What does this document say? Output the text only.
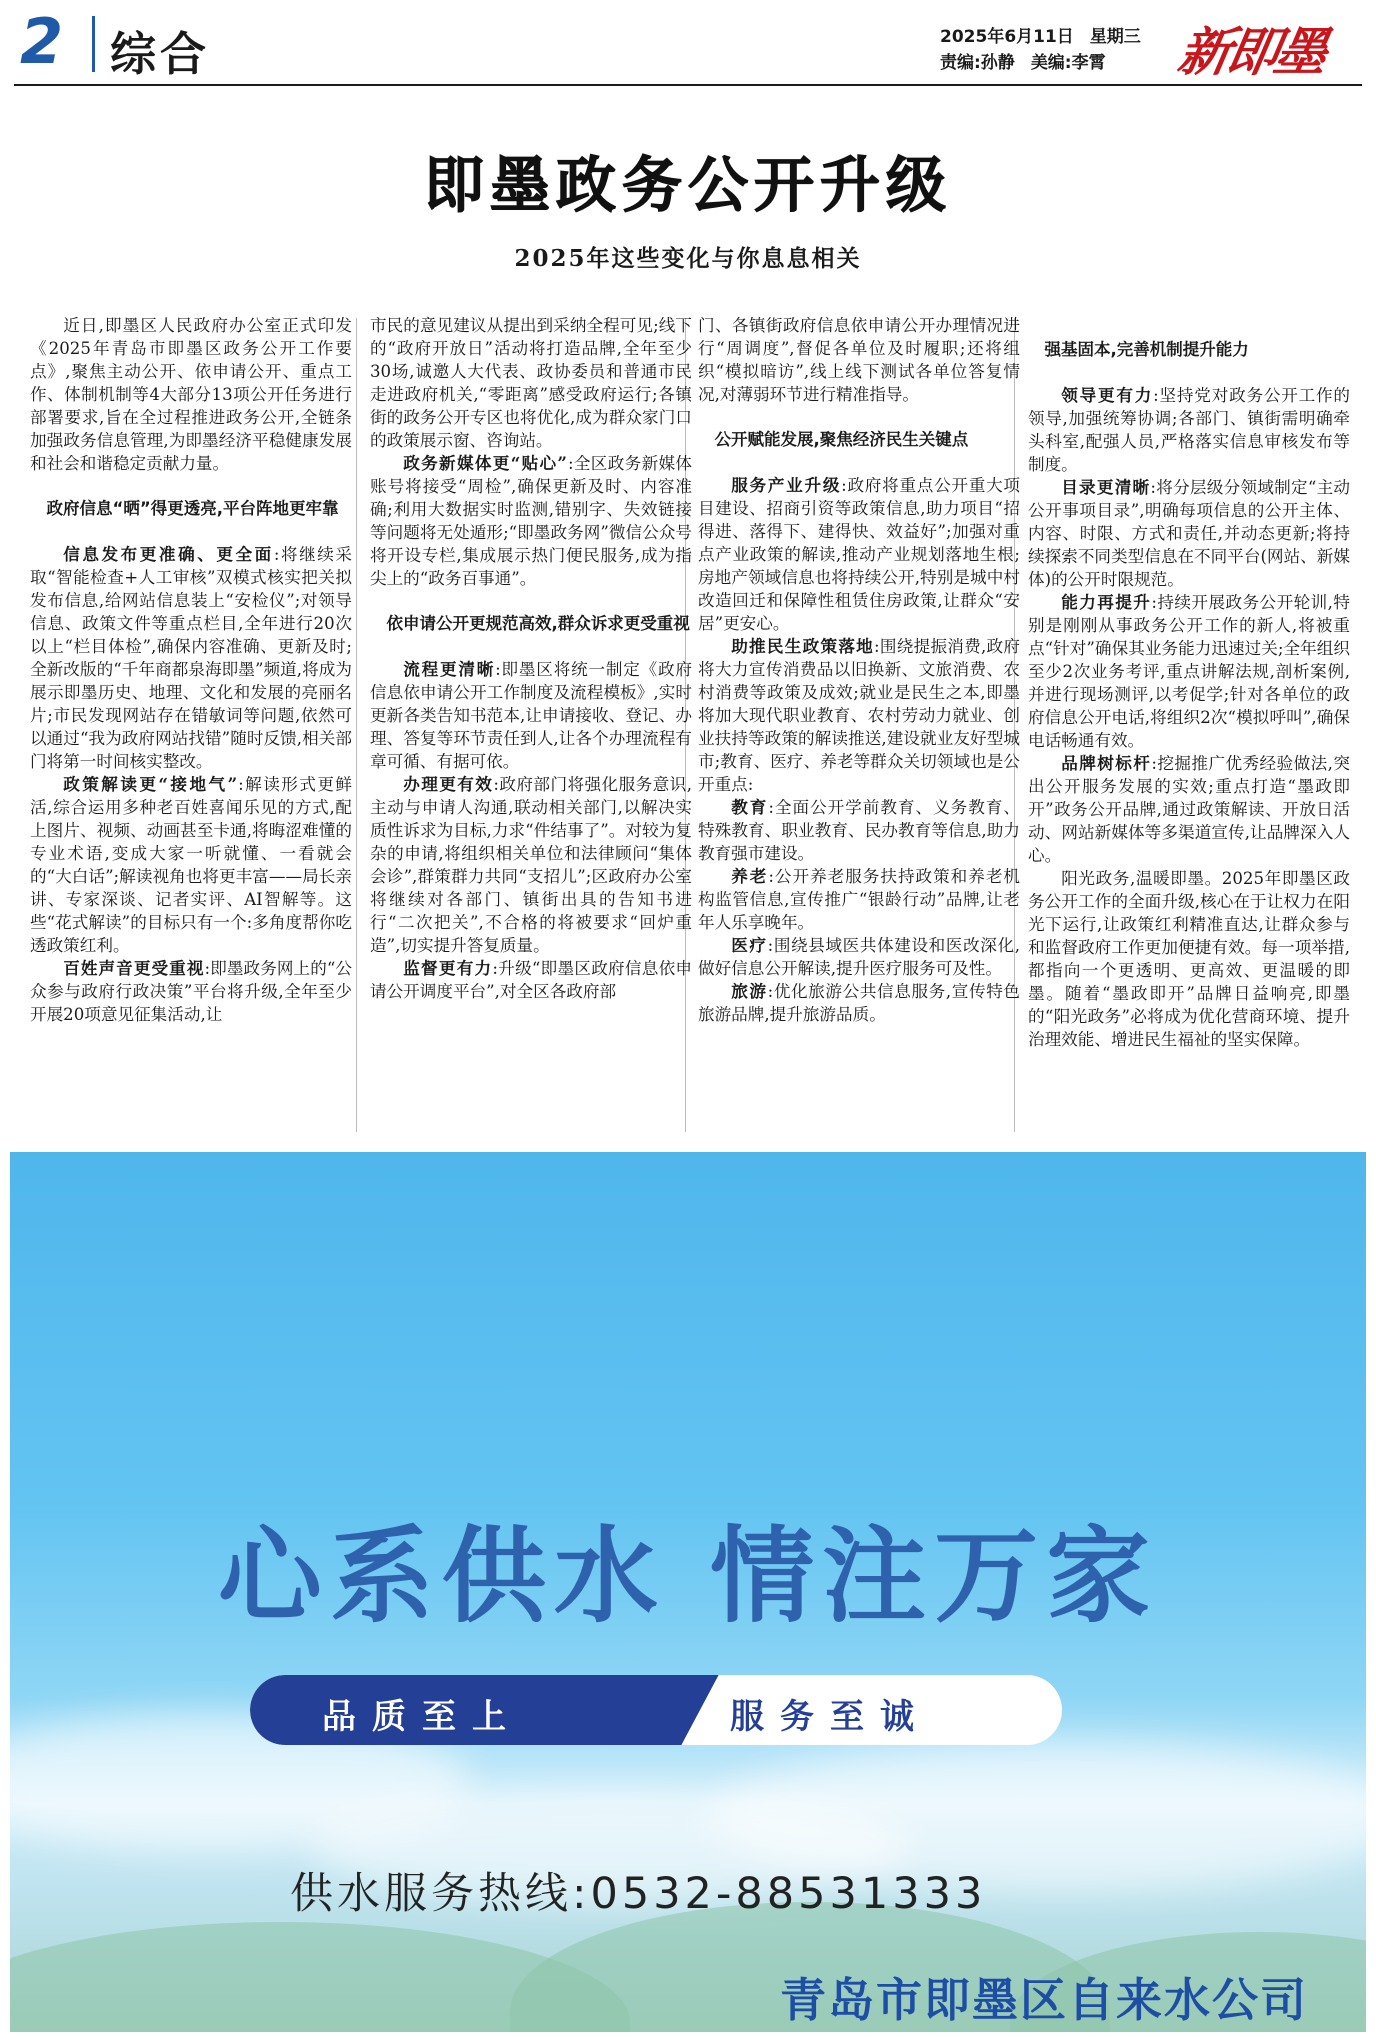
2 综合	2025年6月11日 星期三
责编:孙静 美编:李霄	新即墨
即墨政务公开升级
2025年这些变化与你息息相关

近日,即墨区人民政府办公室正式印发《2025年青岛市即墨区政务公开工作要点》,聚焦主动公开、依申请公开、重点工作、体制机制等4大部分13项公开任务进行部署要求,旨在全过程推进政务公开,全链条加强政务信息管理,为即墨经济平稳健康发展和社会和谐稳定贡献力量。

政府信息“晒”得更透亮,平台阵地更牢靠

信息发布更准确、更全面:将继续采取“智能检查+人工审核”双模式核实把关拟发布信息,给网站信息装上“安检仪”;对领导信息、政策文件等重点栏目,全年进行20次以上“栏目体检”,确保内容准确、更新及时;全新改版的“千年商都泉海即墨”频道,将成为展示即墨历史、地理、文化和发展的亮丽名片;市民发现网站存在错敏词等问题,依然可以通过“我为政府网站找错”随时反馈,相关部门将第一时间核实整改。

政策解读更“接地气”:解读形式更鲜活,综合运用多种老百姓喜闻乐见的方式,配上图片、视频、动画甚至卡通,将晦涩难懂的专业术语,变成大家一听就懂、一看就会的“大白话”;解读视角也将更丰富——局长亲讲、专家深谈、记者实评、AI智解等。这些“花式解读”的目标只有一个:多角度帮你吃透政策红利。

百姓声音更受重视:即墨政务网上的“公众参与政府行政决策”平台将升级,全年至少开展20项意见征集活动,让

市民的意见建议从提出到采纳全程可见;线下的“政府开放日”活动将打造品牌,全年至少30场,诚邀人大代表、政协委员和普通市民走进政府机关,“零距离”感受政府运行;各镇街的政务公开专区也将优化,成为群众家门口的政策展示窗、咨询站。

政务新媒体更“贴心”:全区政务新媒体账号将接受“周检”,确保更新及时、内容准确;利用大数据实时监测,错别字、失效链接等问题将无处遁形;“即墨政务网”微信公众号将开设专栏,集成展示热门便民服务,成为指尖上的“政务百事通”。

依申请公开更规范高效,群众诉求更受重视

流程更清晰:即墨区将统一制定《政府信息依申请公开工作制度及流程模板》,实时更新各类告知书范本,让申请接收、登记、办理、答复等环节责任到人,让各个办理流程有章可循、有据可依。

办理更有效:政府部门将强化服务意识,主动与申请人沟通,联动相关部门,以解决实质性诉求为目标,力求“件结事了”。对较为复杂的申请,将组织相关单位和法律顾问“集体会诊”,群策群力共同“支招儿”;区政府办公室将继续对各部门、镇街出具的告知书进行“二次把关”,不合格的将被要求“回炉重造”,切实提升答复质量。

监督更有力:升级“即墨区政府信息依申请公开调度平台”,对全区各政府部

门、各镇街政府信息依申请公开办理情况进行“周调度”,督促各单位及时履职;还将组织“模拟暗访”,线上线下测试各单位答复情况,对薄弱环节进行精准指导。

公开赋能发展,聚焦经济民生关键点

服务产业升级:政府将重点公开重大项目建设、招商引资等政策信息,助力项目“招得进、落得下、建得快、效益好”;加强对重点产业政策的解读,推动产业规划落地生根;房地产领域信息也将持续公开,特别是城中村改造回迁和保障性租赁住房政策,让群众“安居”更安心。

助推民生政策落地:围绕提振消费,政府将大力宣传消费品以旧换新、文旅消费、农村消费等政策及成效;就业是民生之本,即墨将加大现代职业教育、农村劳动力就业、创业扶持等政策的解读推送,建设就业友好型城市;教育、医疗、养老等群众关切领域也是公开重点:

教育:全面公开学前教育、义务教育、特殊教育、职业教育、民办教育等信息,助力教育强市建设。

养老:公开养老服务扶持政策和养老机构监管信息,宣传推广“银龄行动”品牌,让老年人乐享晚年。

医疗:围绕县域医共体建设和医改深化,做好信息公开解读,提升医疗服务可及性。

旅游:优化旅游公共信息服务,宣传特色旅游品牌,提升旅游品质。

强基固本,完善机制提升能力

领导更有力:坚持党对政务公开工作的领导,加强统筹协调;各部门、镇街需明确牵头科室,配强人员,严格落实信息审核发布等制度。

目录更清晰:将分层级分领域制定“主动公开事项目录”,明确每项信息的公开主体、内容、时限、方式和责任,并动态更新;将持续探索不同类型信息在不同平台(网站、新媒体)的公开时限规范。

能力再提升:持续开展政务公开轮训,特别是刚刚从事政务公开工作的新人,将被重点“针对”确保其业务能力迅速过关;全年组织至少2次业务考评,重点讲解法规,剖析案例,并进行现场测评,以考促学;针对各单位的政府信息公开电话,将组织2次“模拟呼叫”,确保电话畅通有效。

品牌树标杆:挖掘推广优秀经验做法,突出公开服务发展的实效;重点打造“墨政即开”政务公开品牌,通过政策解读、开放日活动、网站新媒体等多渠道宣传,让品牌深入人心。

阳光政务,温暖即墨。2025年即墨区政务公开工作的全面升级,核心在于让权力在阳光下运行,让政策红利精准直达,让群众参与和监督政府工作更加便捷有效。每一项举措,都指向一个更透明、更高效、更温暖的即墨。随着“墨政即开”品牌日益响亮,即墨的“阳光政务”必将成为优化营商环境、提升治理效能、增进民生福祉的坚实保障。

心系供水 情注万家
品质至上	服务至诚
供水服务热线:0532-88531333
青岛市即墨区自来水公司
